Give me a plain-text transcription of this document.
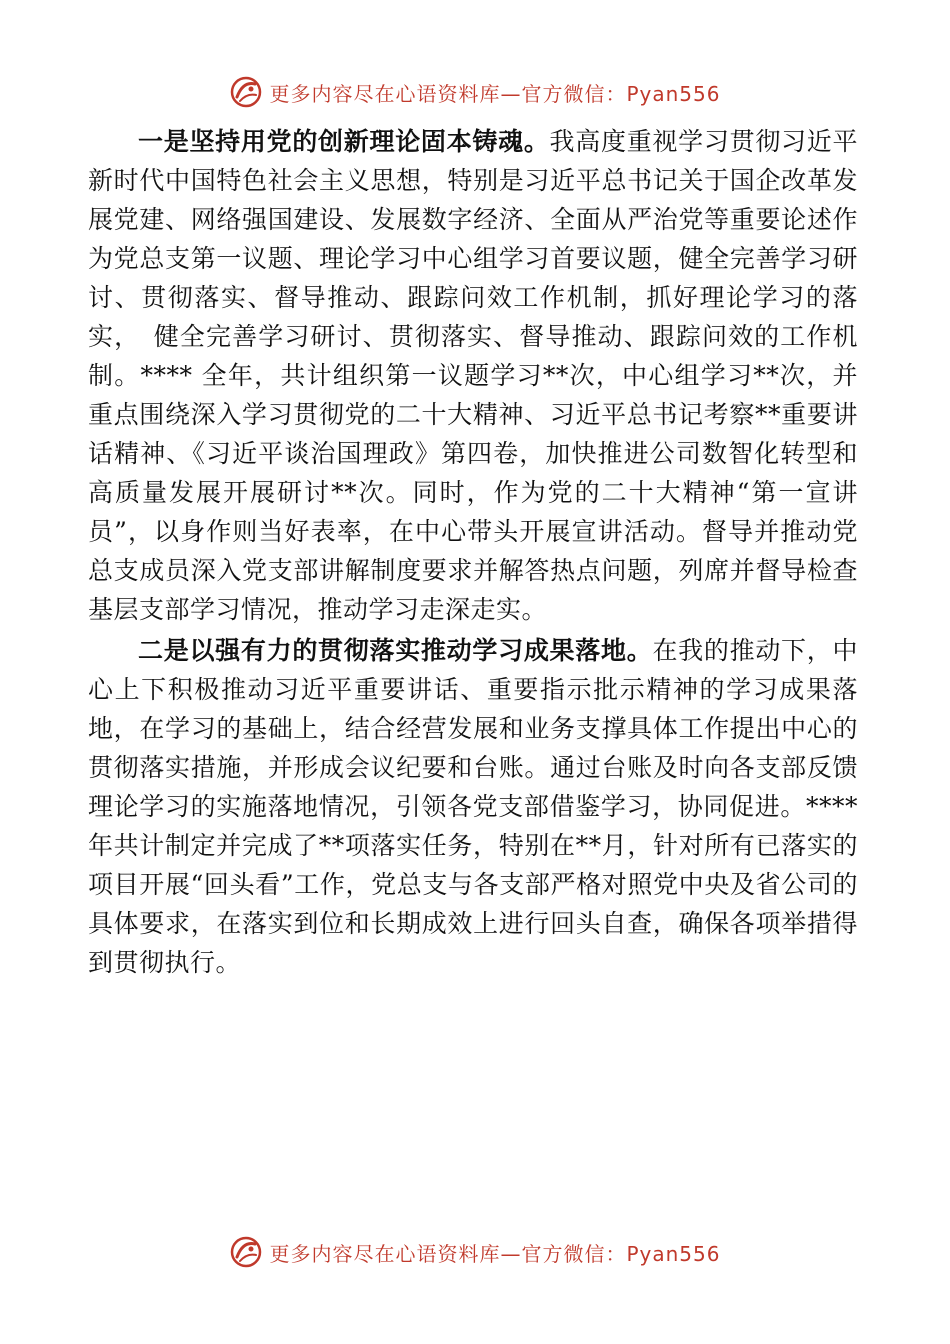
更多内容尽在心语资料库—官方微信：Pyan556

一是坚持用党的创新理论固本铸魂。我高度重视学习贯彻习近平新时代中国特色社会主义思想，特别是习近平总书记关于国企改革发展党建、网络强国建设、发展数字经济、全面从严治党等重要论述作为党总支第一议题、理论学习中心组学习首要议题，健全完善学习研讨、贯彻落实、督导推动、跟踪问效工作机制，抓好理论学习的落实，　健全完善学习研讨、贯彻落实、督导推动、跟踪问效的工作机制。**** 全年，共计组织第一议题学习**次，中心组学习**次，并重点围绕深入学习贯彻党的二十大精神、习近平总书记考察**重要讲话精神、《习近平谈治国理政》第四卷，加快推进公司数智化转型和高质量发展开展研讨**次。同时，作为党的二十大精神“第一宣讲员”，以身作则当好表率，在中心带头开展宣讲活动。督导并推动党总支成员深入党支部讲解制度要求并解答热点问题，列席并督导检查基层支部学习情况，推动学习走深走实。

二是以强有力的贯彻落实推动学习成果落地。在我的推动下，中心上下积极推动习近平重要讲话、重要指示批示精神的学习成果落地，在学习的基础上，结合经营发展和业务支撑具体工作提出中心的贯彻落实措施，并形成会议纪要和台账。通过台账及时向各支部反馈理论学习的实施落地情况，引领各党支部借鉴学习，协同促进。****年共计制定并完成了**项落实任务，特别在**月，针对所有已落实的项目开展“回头看”工作，党总支与各支部严格对照党中央及省公司的具体要求，在落实到位和长期成效上进行回头自查，确保各项举措得到贯彻执行。

更多内容尽在心语资料库—官方微信：Pyan556
